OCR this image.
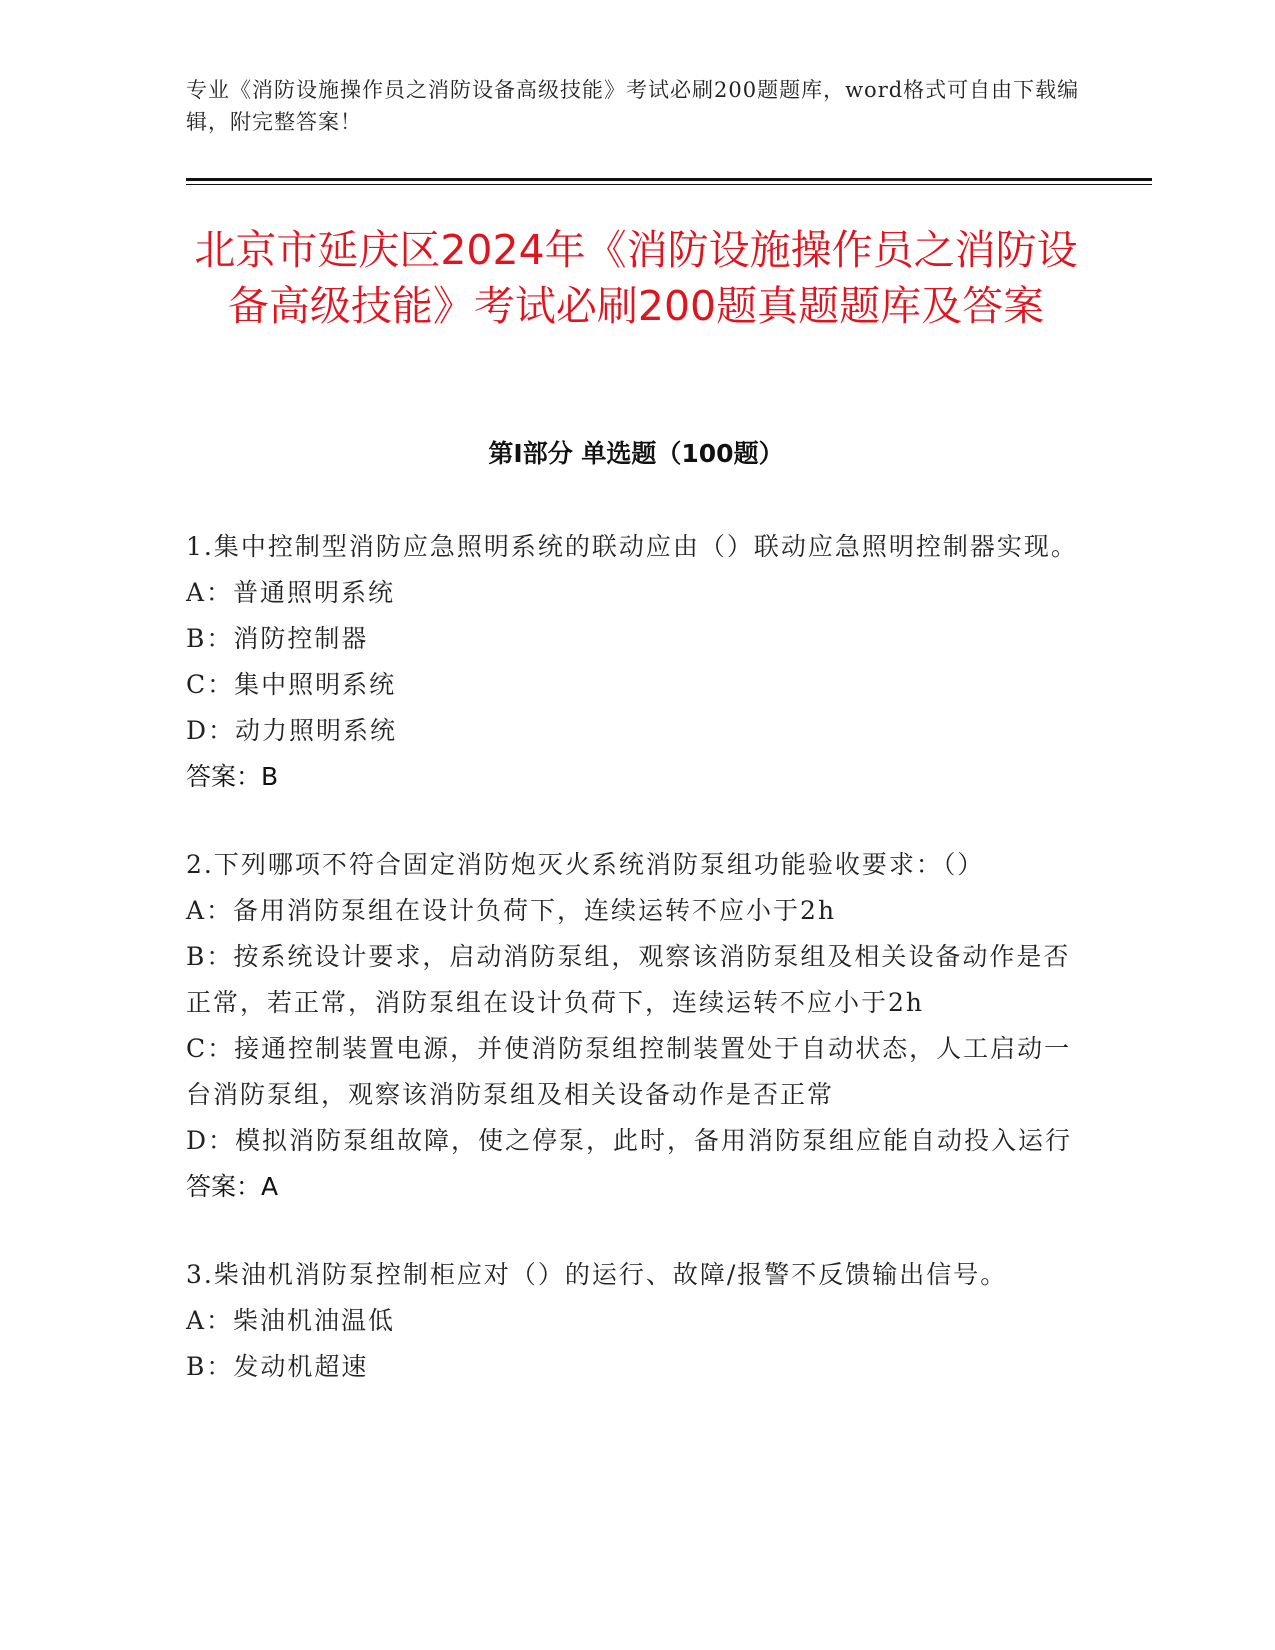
专业《消防设施操作员之消防设备高级技能》考试必刷200题题库，word格式可自由下载编辑，附完整答案！
北京市延庆区2024年《消防设施操作员之消防设备高级技能》考试必刷200题真题题库及答案
第I部分 单选题（100题）

1.集中控制型消防应急照明系统的联动应由（）联动应急照明控制器实现。

A：普通照明系统

B：消防控制器

C：集中照明系统

D：动力照明系统

答案：B

2.下列哪项不符合固定消防炮灭火系统消防泵组功能验收要求：（）

A：备用消防泵组在设计负荷下，连续运转不应小于2h

B：按系统设计要求，启动消防泵组，观察该消防泵组及相关设备动作是否正常，若正常，消防泵组在设计负荷下，连续运转不应小于2h

C：接通控制装置电源，并使消防泵组控制装置处于自动状态，人工启动一台消防泵组，观察该消防泵组及相关设备动作是否正常

D：模拟消防泵组故障，使之停泵，此时，备用消防泵组应能自动投入运行

答案：A

3.柴油机消防泵控制柜应对（）的运行、故障/报警不反馈输出信号。

A：柴油机油温低

B：发动机超速
